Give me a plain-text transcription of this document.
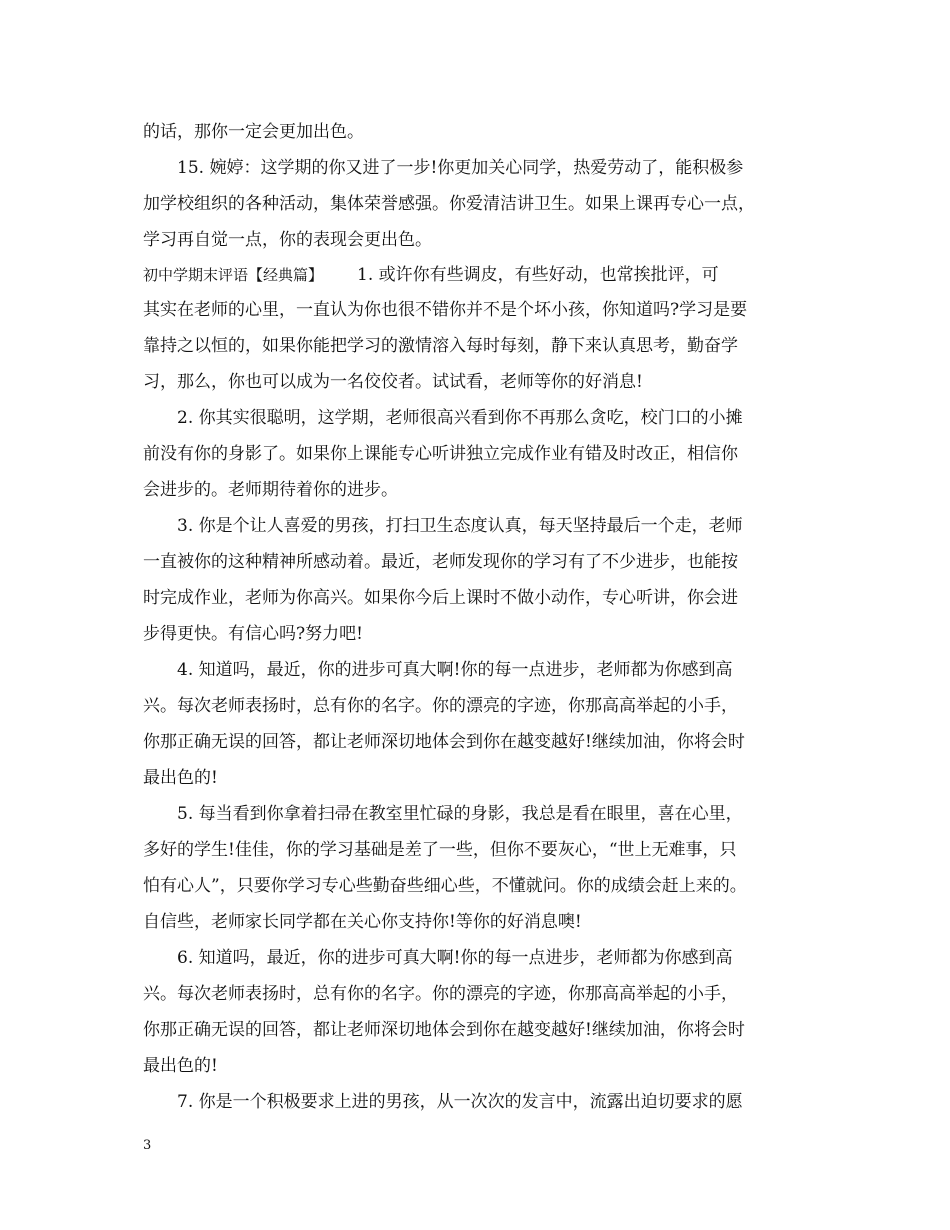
的话，那你一定会更加出色。
15. 婉婷：这学期的你又进了一步!你更加关心同学，热爱劳动了，能积极参
加学校组织的各种活动，集体荣誉感强。你爱清洁讲卫生。如果上课再专心一点，
学习再自觉一点，你的表现会更出色。
初中学期末评语【经典篇】 1. 或许你有些调皮，有些好动，也常挨批评，可
其实在老师的心里，一直认为你也很不错你并不是个坏小孩，你知道吗?学习是要
靠持之以恒的，如果你能把学习的激情溶入每时每刻，静下来认真思考，勤奋学
习，那么，你也可以成为一名佼佼者。试试看，老师等你的好消息!
2. 你其实很聪明，这学期，老师很高兴看到你不再那么贪吃，校门口的小摊
前没有你的身影了。如果你上课能专心听讲独立完成作业有错及时改正，相信你
会进步的。老师期待着你的进步。
3. 你是个让人喜爱的男孩，打扫卫生态度认真，每天坚持最后一个走，老师
一直被你的这种精神所感动着。最近，老师发现你的学习有了不少进步，也能按
时完成作业，老师为你高兴。如果你今后上课时不做小动作，专心听讲，你会进
步得更快。有信心吗?努力吧!
4. 知道吗，最近，你的进步可真大啊!你的每一点进步，老师都为你感到高
兴。每次老师表扬时，总有你的名字。你的漂亮的字迹，你那高高举起的小手，
你那正确无误的回答，都让老师深切地体会到你在越变越好!继续加油，你将会时
最出色的!
5. 每当看到你拿着扫帚在教室里忙碌的身影，我总是看在眼里，喜在心里，
多好的学生!佳佳，你的学习基础是差了一些，但你不要灰心，“世上无难事，只
怕有心人”，只要你学习专心些勤奋些细心些，不懂就问。你的成绩会赶上来的。
自信些，老师家长同学都在关心你支持你!等你的好消息噢!
6. 知道吗，最近，你的进步可真大啊!你的每一点进步，老师都为你感到高
兴。每次老师表扬时，总有你的名字。你的漂亮的字迹，你那高高举起的小手，
你那正确无误的回答，都让老师深切地体会到你在越变越好!继续加油，你将会时
最出色的!
7. 你是一个积极要求上进的男孩，从一次次的发言中，流露出迫切要求的愿
3
